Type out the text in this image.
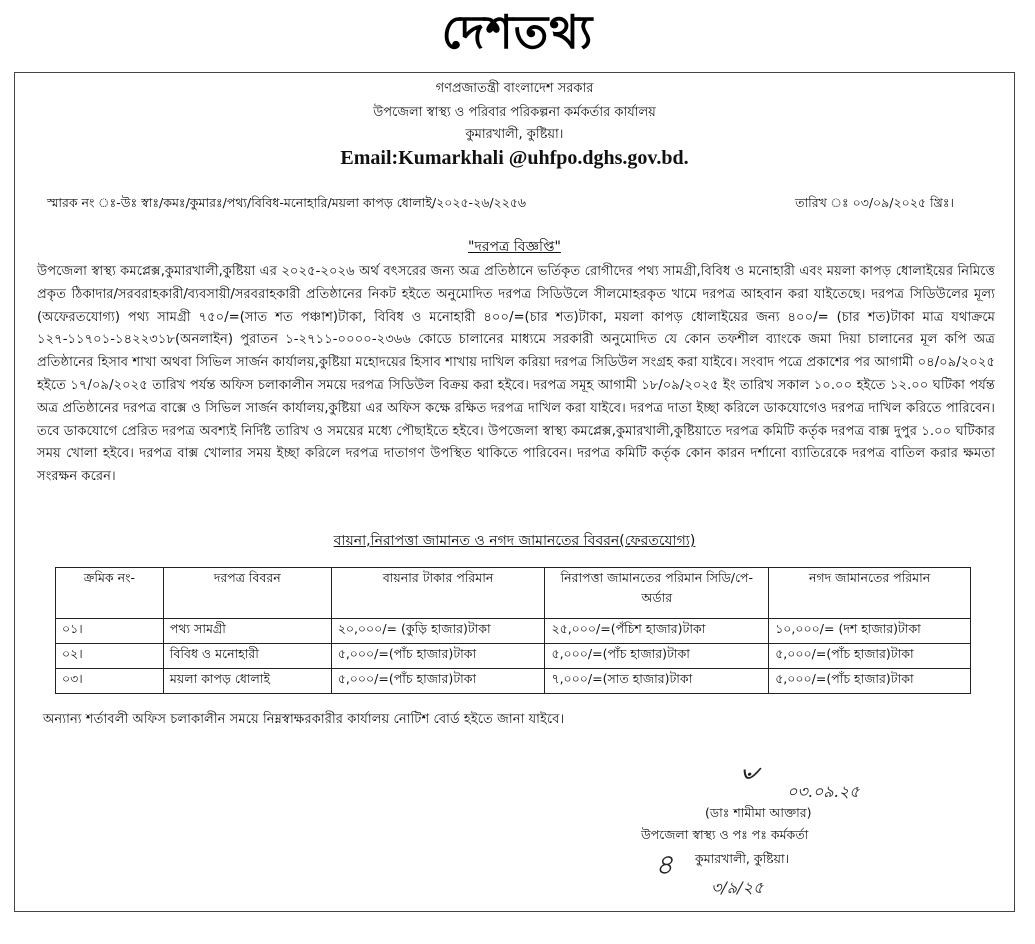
দেশতথ্য
গণপ্রজাতন্ত্রী বাংলাদেশ সরকার
উপজেলা স্বাস্থ্য ও পরিবার পরিকল্পনা কর্মকর্তার কার্যালয়
কুমারখালী, কুষ্টিয়া।
Email:Kumarkhali @uhfpo.dghs.gov.bd.
স্মারক নং ঃ-উঃ স্বাঃ/কমঃ/কুমারঃ/পথ্য/বিবিধ-মনোহারি/ময়লা কাপড় ধোলাই/২০২৫-২৬/২২৫৬	তারিখ ঃ ০৩/০৯/২০২৫ খ্রিঃ।
"দরপত্র বিজ্ঞপ্তি"
উপজেলা স্বাস্থ্য কমপ্লেক্স,কুমারখালী,কুষ্টিয়া এর ২০২৫-২০২৬ অর্থ বৎসরের জন্য অত্র প্রতিষ্ঠানে ভর্তিকৃত রোগীদের পথ্য সামগ্রী,বিবিধ ও মনোহারী এবং ময়লা কাপড় ধোলাইয়ের নিমিত্তে প্রকৃত ঠিকাদার/সরবরাহকারী/ব্যবসায়ী/সরবরাহকারী প্রতিষ্ঠানের নিকট হইতে অনুমোদিত দরপত্র সিডিউলে সীলমোহরকৃত খামে দরপত্র আহবান করা যাইতেছে। দরপত্র সিডিউলের মূল্য (অফেরতযোগ্য) পথ্য সামগ্রী ৭৫০/=(সাত শত পঞ্চাশ)টাকা, বিবিধ ও মনোহারী ৪০০/=(চার শত)টাকা, ময়লা কাপড় ধোলাইয়ের জন্য ৪০০/= (চার শত)টাকা মাত্র যথাক্রমে ১২৭-১১৭০১-১৪২২৩১৮(অনলাইন) পুরাতন ১-২৭১১-০০০০-২৩৬৬ কোডে চালানের মাধ্যমে সরকারী অনুমোদিত যে কোন তফশীল ব্যাংকে জমা দিয়া চালানের মূল কপি অত্র প্রতিষ্ঠানের হিসাব শাখা অথবা সিভিল সার্জন কার্যালয়,কুষ্টিয়া মহোদয়ের হিসাব শাখায় দাখিল করিয়া দরপত্র সিডিউল সংগ্রহ করা যাইবে। সংবাদ পত্রে প্রকাশের পর আগামী ০৪/০৯/২০২৫ হইতে ১৭/০৯/২০২৫ তারিখ পর্যন্ত অফিস চলাকালীন সময়ে দরপত্র সিডিউল বিক্রয় করা হইবে। দরপত্র সমূহ আগামী ১৮/০৯/২০২৫ ইং তারিখ সকাল ১০.০০ হইতে ১২.০০ ঘটিকা পর্যন্ত অত্র প্রতিষ্ঠানের দরপত্র বাক্সে ও সিভিল সার্জন কার্যালয়,কুষ্টিয়া এর অফিস কক্ষে রক্ষিত দরপত্র দাখিল করা যাইবে। দরপত্র দাতা ইচ্ছা করিলে ডাকযোগেও দরপত্র দাখিল করিতে পারিবেন। তবে ডাকযোগে প্রেরিত দরপত্র অবশ্যই নির্দিষ্ট তারিখ ও সময়ের মধ্যে পৌছাইতে হইবে। উপজেলা স্বাস্থ্য কমপ্লেক্স,কুমারখালী,কুষ্টিয়াতে দরপত্র কমিটি কর্তৃক দরপত্র বাক্স দুপুর ১.০০ ঘটিকার সময় খোলা হইবে। দরপত্র বাক্স খোলার সময় ইচ্ছা করিলে দরপত্র দাতাগণ উপস্থিত থাকিতে পারিবেন। দরপত্র কমিটি কর্তৃক কোন কারন দর্শানো ব্যাতিরেকে দরপত্র বাতিল করার ক্ষমতা সংরক্ষন করেন।
বায়না,নিরাপত্তা জামানত ও নগদ জামানতের বিবরন(ফেরতযোগ্য)
ক্রমিক নং-	দরপত্র বিবরন	বায়নার টাকার পরিমান	নিরাপত্তা জামানতের পরিমান সিডি/পে-অর্ডার	নগদ জামানতের পরিমান
০১।	পথ্য সামগ্রী	২০,০০০/= (কুড়ি হাজার)টাকা	২৫,০০০/=(পঁচিশ হাজার)টাকা	১০,০০০/= (দশ হাজার)টাকা
০২।	বিবিধ ও মনোহারী	৫,০০০/=(পাঁচ হাজার)টাকা	৫,০০০/=(পাঁচ হাজার)টাকা	৫,০০০/=(পাঁচ হাজার)টাকা
০৩।	ময়লা কাপড় ধোলাই	৫,০০০/=(পাঁচ হাজার)টাকা	৭,০০০/=(সাত হাজার)টাকা	৫,০০০/=(পাঁচ হাজার)টাকা
অন্যান্য শর্তাবলী অফিস চলাকালীন সময়ে নিম্নস্বাক্ষরকারীর কার্যালয় নোটিশ বোর্ড হইতে জানা যাইবে।
৺ ০৩.০৯.২৫
(ডাঃ শামীমা আক্তার)
উপজেলা স্বাস্থ্য ও পঃ পঃ কর্মকর্তা
কুমারখালী, কুষ্টিয়া।
৪
৩/৯/২৫
